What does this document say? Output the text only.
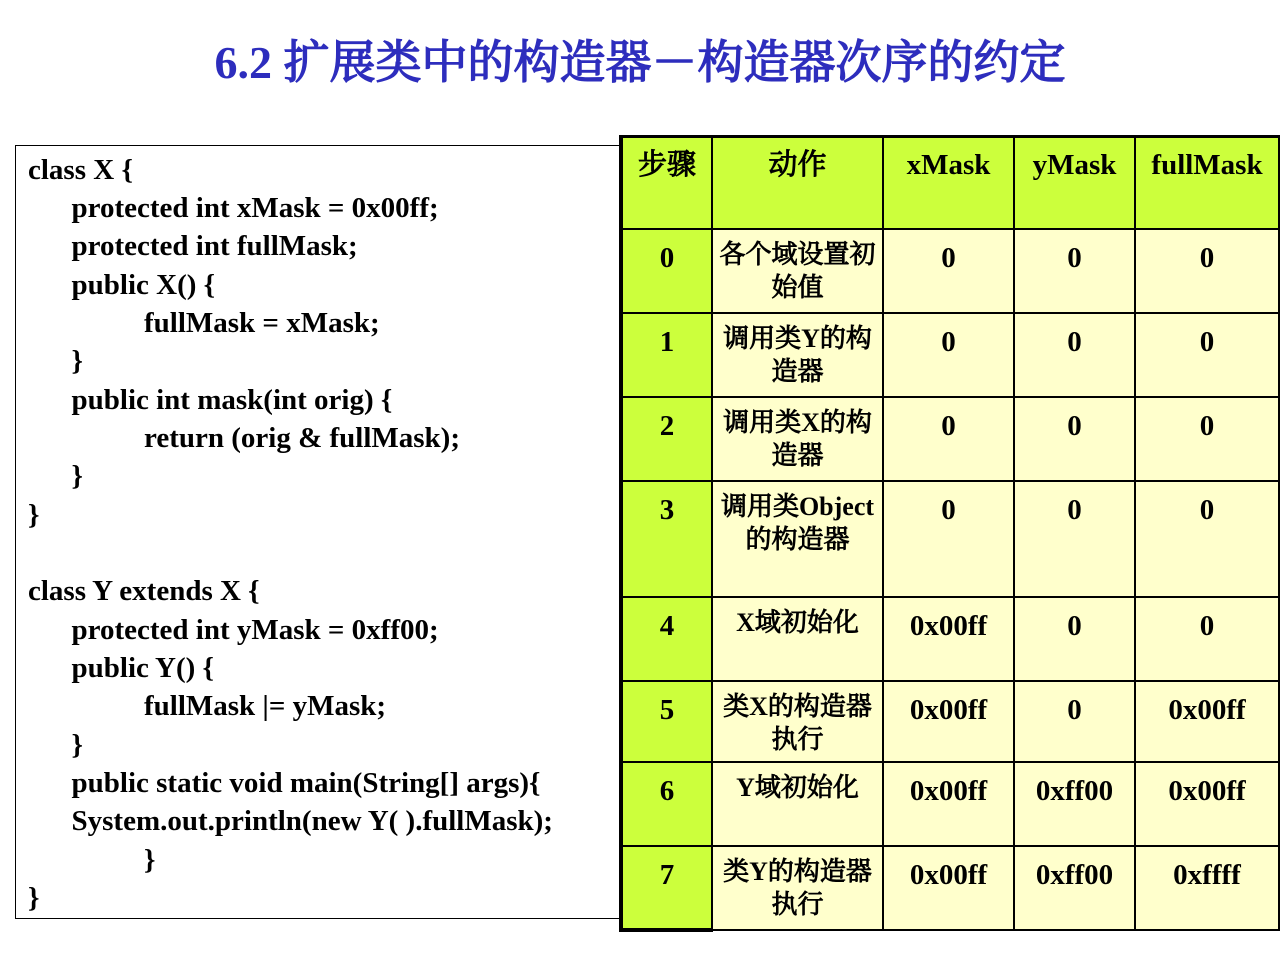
6.2 扩展类中的构造器－构造器次序的约定
class X {
protected int xMask = 0x00ff;
protected int fullMask;
public X() {
fullMask = xMask;
}
public int mask(int orig) {
return (orig & fullMask);
}
}
class Y extends X {
protected int yMask = 0xff00;
public Y() {
fullMask |= yMask;
}
public static void main(String[] args){
System.out.println(new Y( ).fullMask);
}
}
步骤	动作	xMask	yMask	fullMask
0	各个域设置初始值	0	0	0
1	调用类Y的构造器	0	0	0
2	调用类X的构造器	0	0	0
3	调用类Object的构造器	0	0	0
4	X域初始化	0x00ff	0	0
5	类X的构造器执行	0x00ff	0	0x00ff
6	Y域初始化	0x00ff	0xff00	0x00ff
7	类Y的构造器执行	0x00ff	0xff00	0xffff
